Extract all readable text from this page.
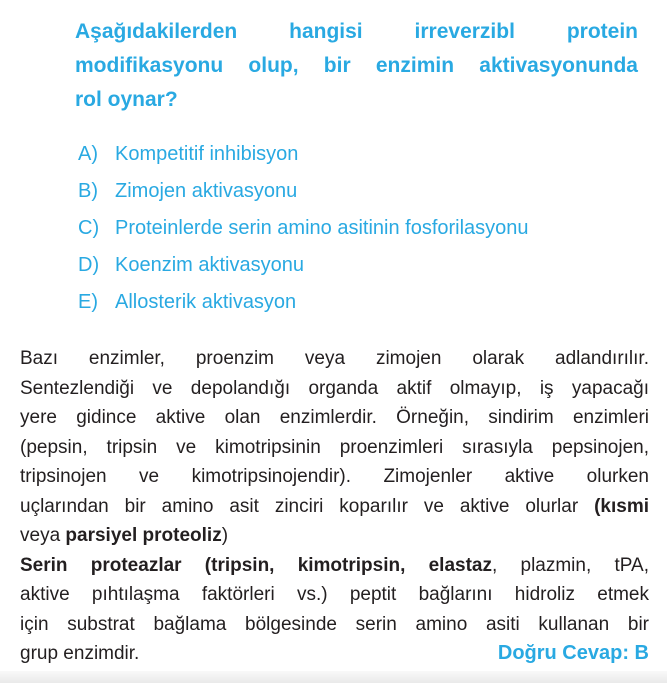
Aşağıdakilerden hangisi irreverzibl protein
modifikasyonu olup, bir enzimin aktivasyonunda
rol oynar?
A) Kompetitif inhibisyon
B) Zimojen aktivasyonu
C) Proteinlerde serin amino asitinin fosforilasyonu
D) Koenzim aktivasyonu
E) Allosterik aktivasyon
Bazı enzimler, proenzim veya zimojen olarak adlandırılır.
Sentezlendiği ve depolandığı organda aktif olmayıp, iş yapacağı
yere gidince aktive olan enzimlerdir. Örneğin, sindirim enzimleri
(pepsin, tripsin ve kimotripsinin proenzimleri sırasıyla pepsinojen,
tripsinojen ve kimotripsinojendir). Zimojenler aktive olurken
uçlarından bir amino asit zinciri koparılır ve aktive olurlar (kısmi
veya parsiyel proteoliz)
Serin proteazlar (tripsin, kimotripsin, elastaz, plazmin, tPA,
aktive pıhtılaşma faktörleri vs.) peptit bağlarını hidroliz etmek
için substrat bağlama bölgesinde serin amino asiti kullanan bir
grup enzimdir.	Doğru Cevap: B
